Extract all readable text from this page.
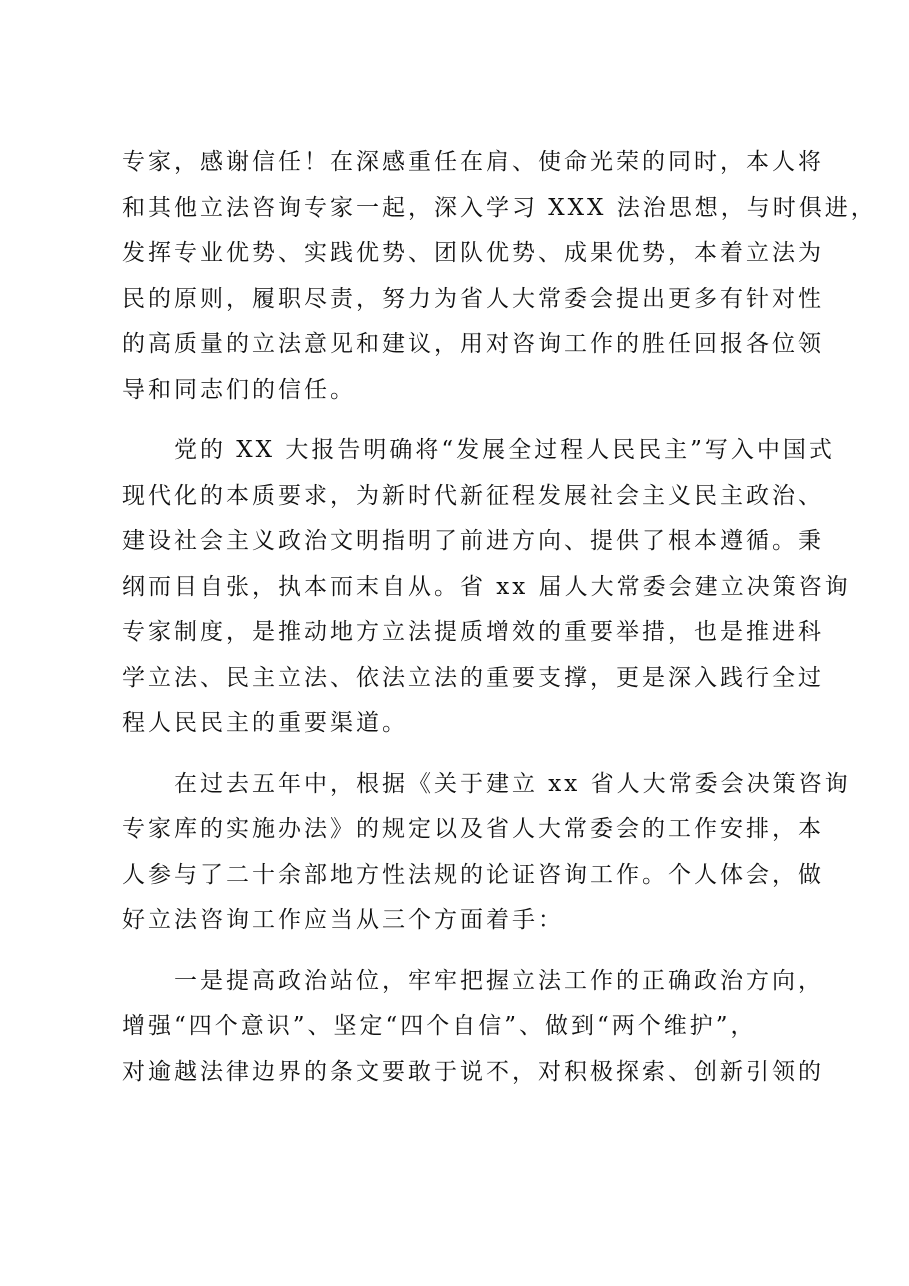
专家，感谢信任！在深感重任在肩、使命光荣的同时，本人将
和其他立法咨询专家一起，深入学习 XXX 法治思想，与时俱进，
发挥专业优势、实践优势、团队优势、成果优势，本着立法为
民的原则，履职尽责，努力为省人大常委会提出更多有针对性
的高质量的立法意见和建议，用对咨询工作的胜任回报各位领
导和同志们的信任。
　　党的 XX 大报告明确将“发展全过程人民民主”写入中国式
现代化的本质要求，为新时代新征程发展社会主义民主政治、
建设社会主义政治文明指明了前进方向、提供了根本遵循。秉
纲而目自张，执本而末自从。省 xx 届人大常委会建立决策咨询
专家制度，是推动地方立法提质增效的重要举措，也是推进科
学立法、民主立法、依法立法的重要支撑，更是深入践行全过
程人民民主的重要渠道。
　　在过去五年中，根据《关于建立 xx 省人大常委会决策咨询
专家库的实施办法》的规定以及省人大常委会的工作安排，本
人参与了二十余部地方性法规的论证咨询工作。个人体会，做
好立法咨询工作应当从三个方面着手：
　　一是提高政治站位，牢牢把握立法工作的正确政治方向，
增强“四个意识”、坚定“四个自信”、做到“两个维护”，
对逾越法律边界的条文要敢于说不，对积极探索、创新引领的
